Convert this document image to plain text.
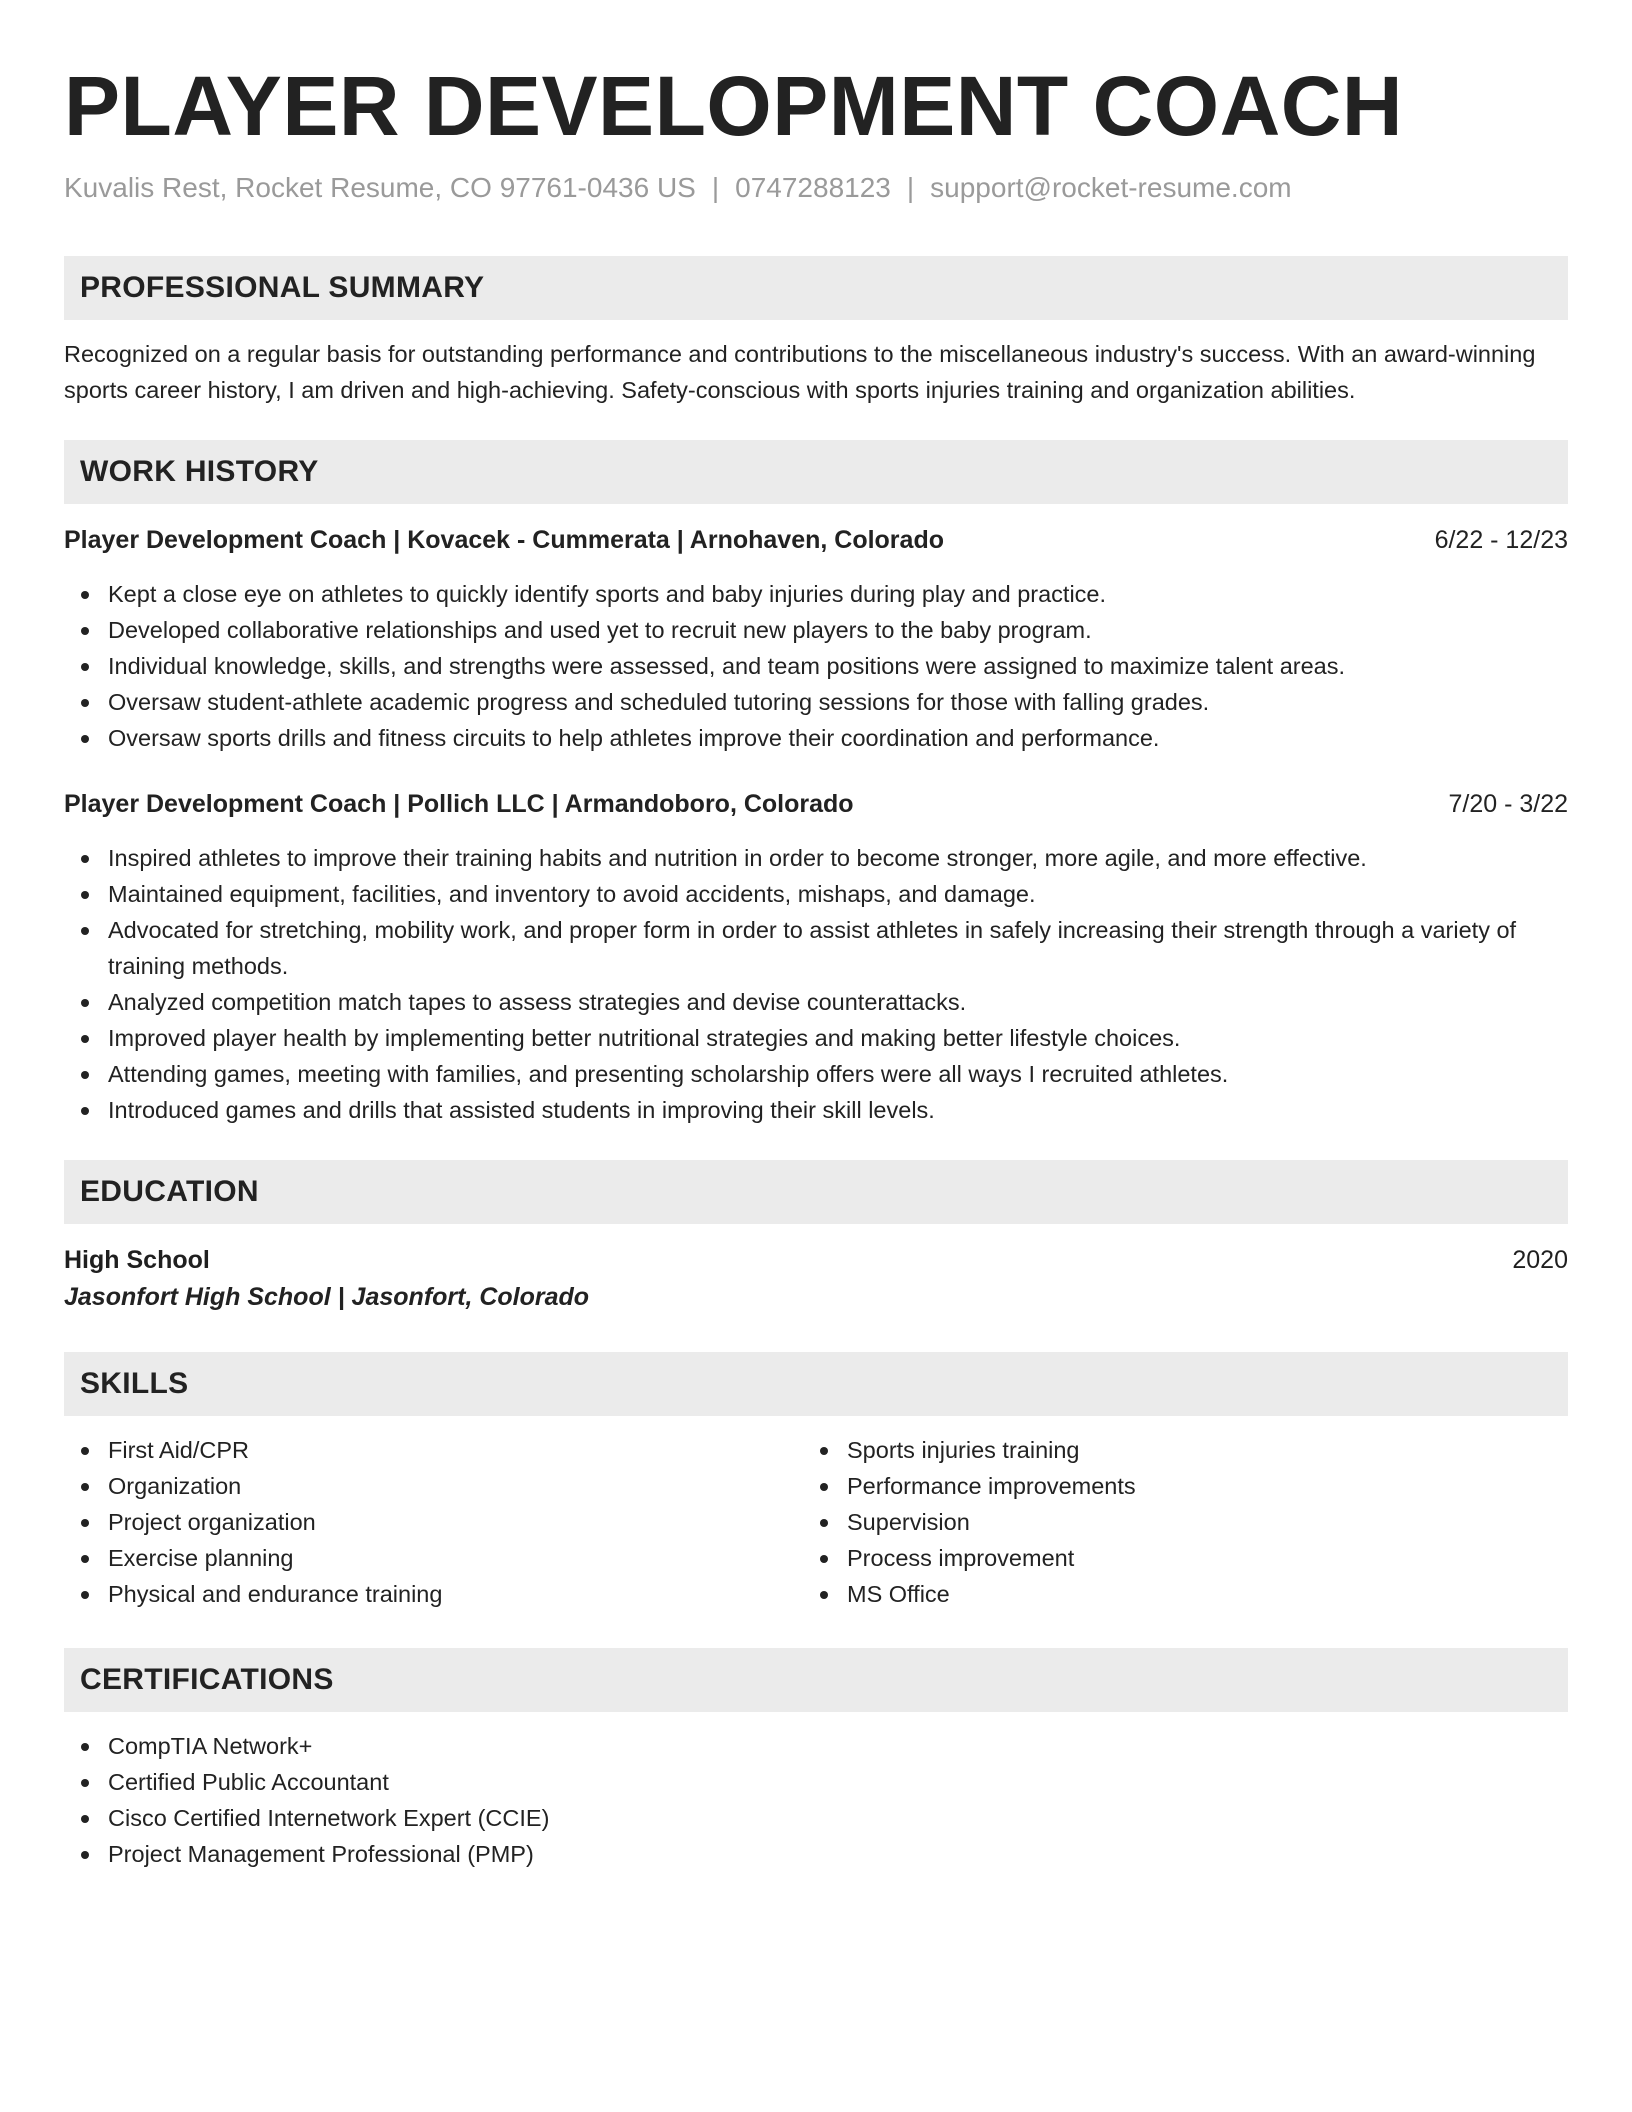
PLAYER DEVELOPMENT COACH
Kuvalis Rest, Rocket Resume, CO 97761-0436 US | 0747288123 | support@rocket-resume.com
PROFESSIONAL SUMMARY

Recognized on a regular basis for outstanding performance and contributions to the miscellaneous industry's success. With an award-winning sports career history, I am driven and high-achieving. Safety-conscious with sports injuries training and organization abilities.

WORK HISTORY
Player Development Coach | Kovacek - Cummerata | Arnohaven, Colorado	6/22 - 12/23
Kept a close eye on athletes to quickly identify sports and baby injuries during play and practice.
Developed collaborative relationships and used yet to recruit new players to the baby program.
Individual knowledge, skills, and strengths were assessed, and team positions were assigned to maximize talent areas.
Oversaw student-athlete academic progress and scheduled tutoring sessions for those with falling grades.
Oversaw sports drills and fitness circuits to help athletes improve their coordination and performance.
Player Development Coach | Pollich LLC | Armandoboro, Colorado	7/20 - 3/22
Inspired athletes to improve their training habits and nutrition in order to become stronger, more agile, and more effective.
Maintained equipment, facilities, and inventory to avoid accidents, mishaps, and damage.
Advocated for stretching, mobility work, and proper form in order to assist athletes in safely increasing their strength through a variety of training methods.
Analyzed competition match tapes to assess strategies and devise counterattacks.
Improved player health by implementing better nutritional strategies and making better lifestyle choices.
Attending games, meeting with families, and presenting scholarship offers were all ways I recruited athletes.
Introduced games and drills that assisted students in improving their skill levels.
EDUCATION
High School	2020
Jasonfort High School | Jasonfort, Colorado
SKILLS
First Aid/CPR
Organization
Project organization
Exercise planning
Physical and endurance training
Sports injuries training
Performance improvements
Supervision
Process improvement
MS Office
CERTIFICATIONS
CompTIA Network+
Certified Public Accountant
Cisco Certified Internetwork Expert (CCIE)
Project Management Professional (PMP)
